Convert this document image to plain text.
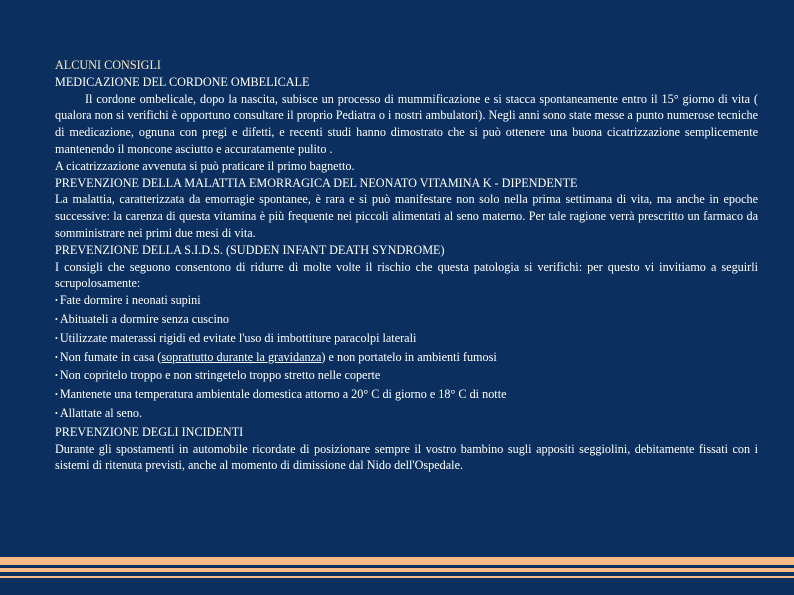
ALCUNI CONSIGLI

MEDICAZIONE DEL CORDONE OMBELICALE

Il cordone ombelicale, dopo la nascita, subisce un processo di mummificazione e si stacca spontaneamente entro il 15° giorno di vita ( qualora non si verifichi è opportuno consultare il proprio Pediatra o i nostri ambulatori). Negli anni sono state messe a punto numerose tecniche di medicazione, ognuna con pregi e difetti, e recenti studi hanno dimostrato che si può ottenere una buona cicatrizzazione semplicemente mantenendo il moncone asciutto e accuratamente pulito .

A cicatrizzazione avvenuta si può praticare il primo bagnetto.

PREVENZIONE DELLA MALATTIA EMORRAGICA DEL NEONATO VITAMINA K - DIPENDENTE

La malattia, caratterizzata da emorragie spontanee, è rara e si può manifestare non solo nella prima settimana di vita, ma anche in epoche successive: la carenza di questa vitamina è più frequente nei piccoli alimentati al seno materno. Per tale ragione verrà prescritto un farmaco da somministrare nei primi due mesi di vita.

PREVENZIONE DELLA S.I.D.S. (SUDDEN INFANT DEATH SYNDROME)

I consigli che seguono consentono di ridurre di molte volte il rischio che questa patologia si verifichi: per questo vi invitiamo a seguirli scrupolosamente:

• Fate dormire i neonati supini

• Abituateli a dormire senza cuscino

• Utilizzate materassi rigidi ed evitate l'uso di imbottiture paracolpi laterali

• Non fumate in casa (soprattutto durante la gravidanza) e non portatelo in ambienti fumosi

• Non copritelo troppo e non stringetelo troppo stretto nelle coperte

• Mantenete una temperatura ambientale domestica attorno a 20° C di giorno e 18° C di notte

• Allattate al seno.

PREVENZIONE DEGLI INCIDENTI

Durante gli spostamenti in automobile ricordate di posizionare sempre il vostro bambino sugli appositi seggiolini, debitamente fissati con i sistemi di ritenuta previsti, anche al momento di dimissione dal Nido dell'Ospedale.
